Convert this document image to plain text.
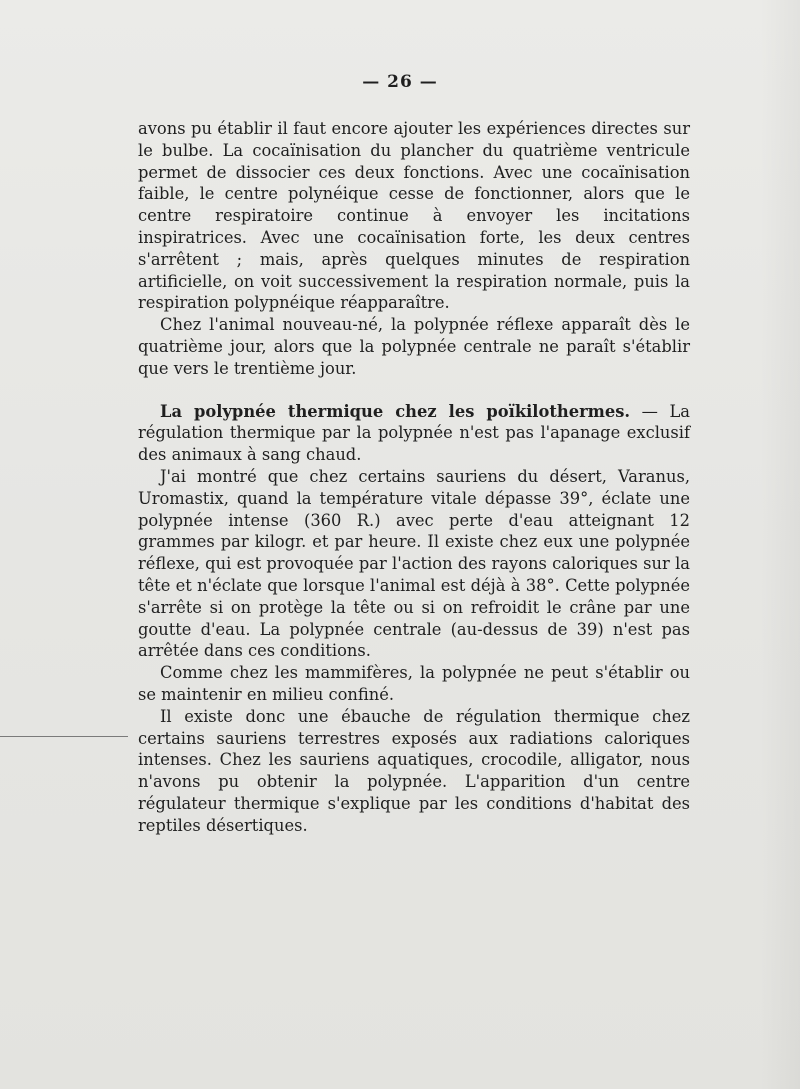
— 26 —

avons pu établir il faut encore ajouter les expériences directes sur le bulbe. La cocaïnisation du plancher du quatrième ventricule permet de dissocier ces deux fonctions. Avec une cocaïnisation faible, le centre polynéique cesse de fonctionner, alors que le centre respiratoire continue à envoyer les incitations inspiratrices. Avec une cocaïnisation forte, les deux centres s'arrêtent ; mais, après quelques minutes de respiration artificielle, on voit successivement la respiration normale, puis la respiration polypnéique réapparaître.

Chez l'animal nouveau-né, la polypnée réflexe apparaît dès le quatrième jour, alors que la polypnée centrale ne paraît s'établir que vers le trentième jour.

La polypnée thermique chez les poïkilothermes. — La régulation thermique par la polypnée n'est pas l'apanage exclusif des animaux à sang chaud.

J'ai montré que chez certains sauriens du désert, Varanus, Uromastix, quand la température vitale dépasse 39°, éclate une polypnée intense (360 R.) avec perte d'eau atteignant 12 grammes par kilogr. et par heure. Il existe chez eux une polypnée réflexe, qui est provoquée par l'action des rayons caloriques sur la tête et n'éclate que lorsque l'animal est déjà à 38°. Cette polypnée s'arrête si on protège la tête ou si on refroidit le crâne par une goutte d'eau. La polypnée centrale (au-dessus de 39) n'est pas arrêtée dans ces conditions.

Comme chez les mammifères, la polypnée ne peut s'établir ou se maintenir en milieu confiné.

Il existe donc une ébauche de régulation thermique chez certains sauriens terrestres exposés aux radiations caloriques intenses. Chez les sauriens aquatiques, crocodile, alligator, nous n'avons pu obtenir la polypnée. L'apparition d'un centre régulateur thermique s'explique par les conditions d'habitat des reptiles désertiques.
